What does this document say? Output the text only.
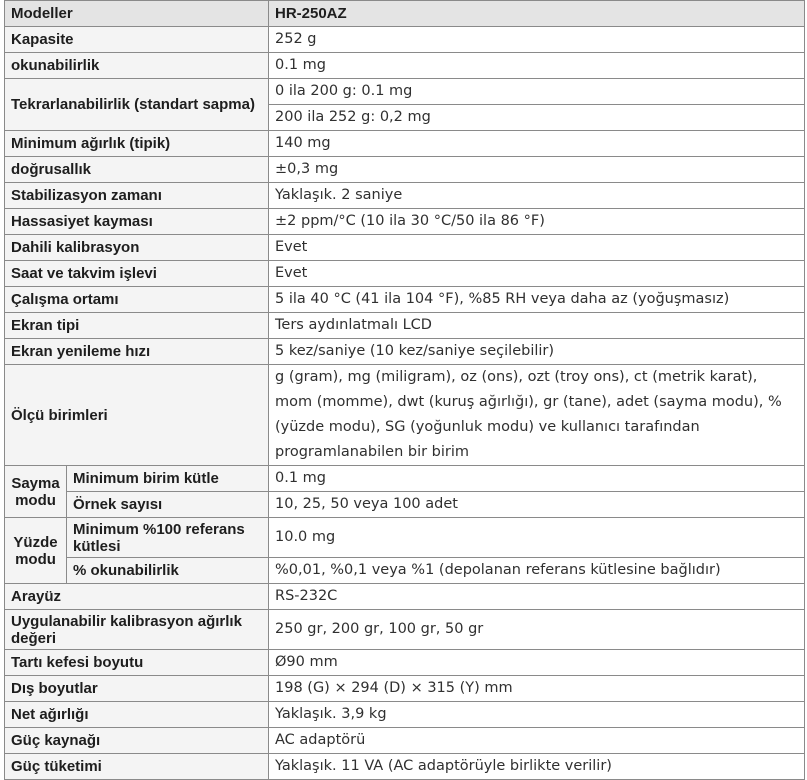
Modeller		HR-250AZ
Kapasite		252 g
okunabilirlik		0.1 mg
Tekrarlanabilirlik (standart sapma)		0 ila 200 g: 0.1 mg
		200 ila 252 g: 0,2 mg
Minimum ağırlık (tipik)		140 mg
doğrusallık		±0,3 mg
Stabilizasyon zamanı		Yaklaşık. 2 saniye
Hassasiyet kayması		±2 ppm/°C (10 ila 30 °C/50 ila 86 °F)
Dahili kalibrasyon		Evet
Saat ve takvim işlevi		Evet
Çalışma ortamı		5 ila 40 °C (41 ila 104 °F), %85 RH veya daha az (yoğuşmasız)
Ekran tipi		Ters aydınlatmalı LCD
Ekran yenileme hızı		5 kez/saniye (10 kez/saniye seçilebilir)
Ölçü birimleri		g (gram), mg (miligram), oz (ons), ozt (troy ons), ct (metrik karat), mom (momme), dwt (kuruş ağırlığı), gr (tane), adet (sayma modu), % (yüzde modu), SG (yoğunluk modu) ve kullanıcı tarafından programlanabilen bir birim
Sayma modu	Minimum birim kütle	0.1 mg
	Örnek sayısı	10, 25, 50 veya 100 adet
Yüzde modu	Minimum %100 referans kütlesi	10.0 mg
	% okunabilirlik	%0,01, %0,1 veya %1 (depolanan referans kütlesine bağlıdır)
Arayüz		RS-232C
Uygulanabilir kalibrasyon ağırlık değeri		250 gr, 200 gr, 100 gr, 50 gr
Tartı kefesi boyutu		Ø90 mm
Dış boyutlar		198 (G) × 294 (D) × 315 (Y) mm
Net ağırlığı		Yaklaşık. 3,9 kg
Güç kaynağı		AC adaptörü
Güç tüketimi		Yaklaşık. 11 VA (AC adaptörüyle birlikte verilir)
